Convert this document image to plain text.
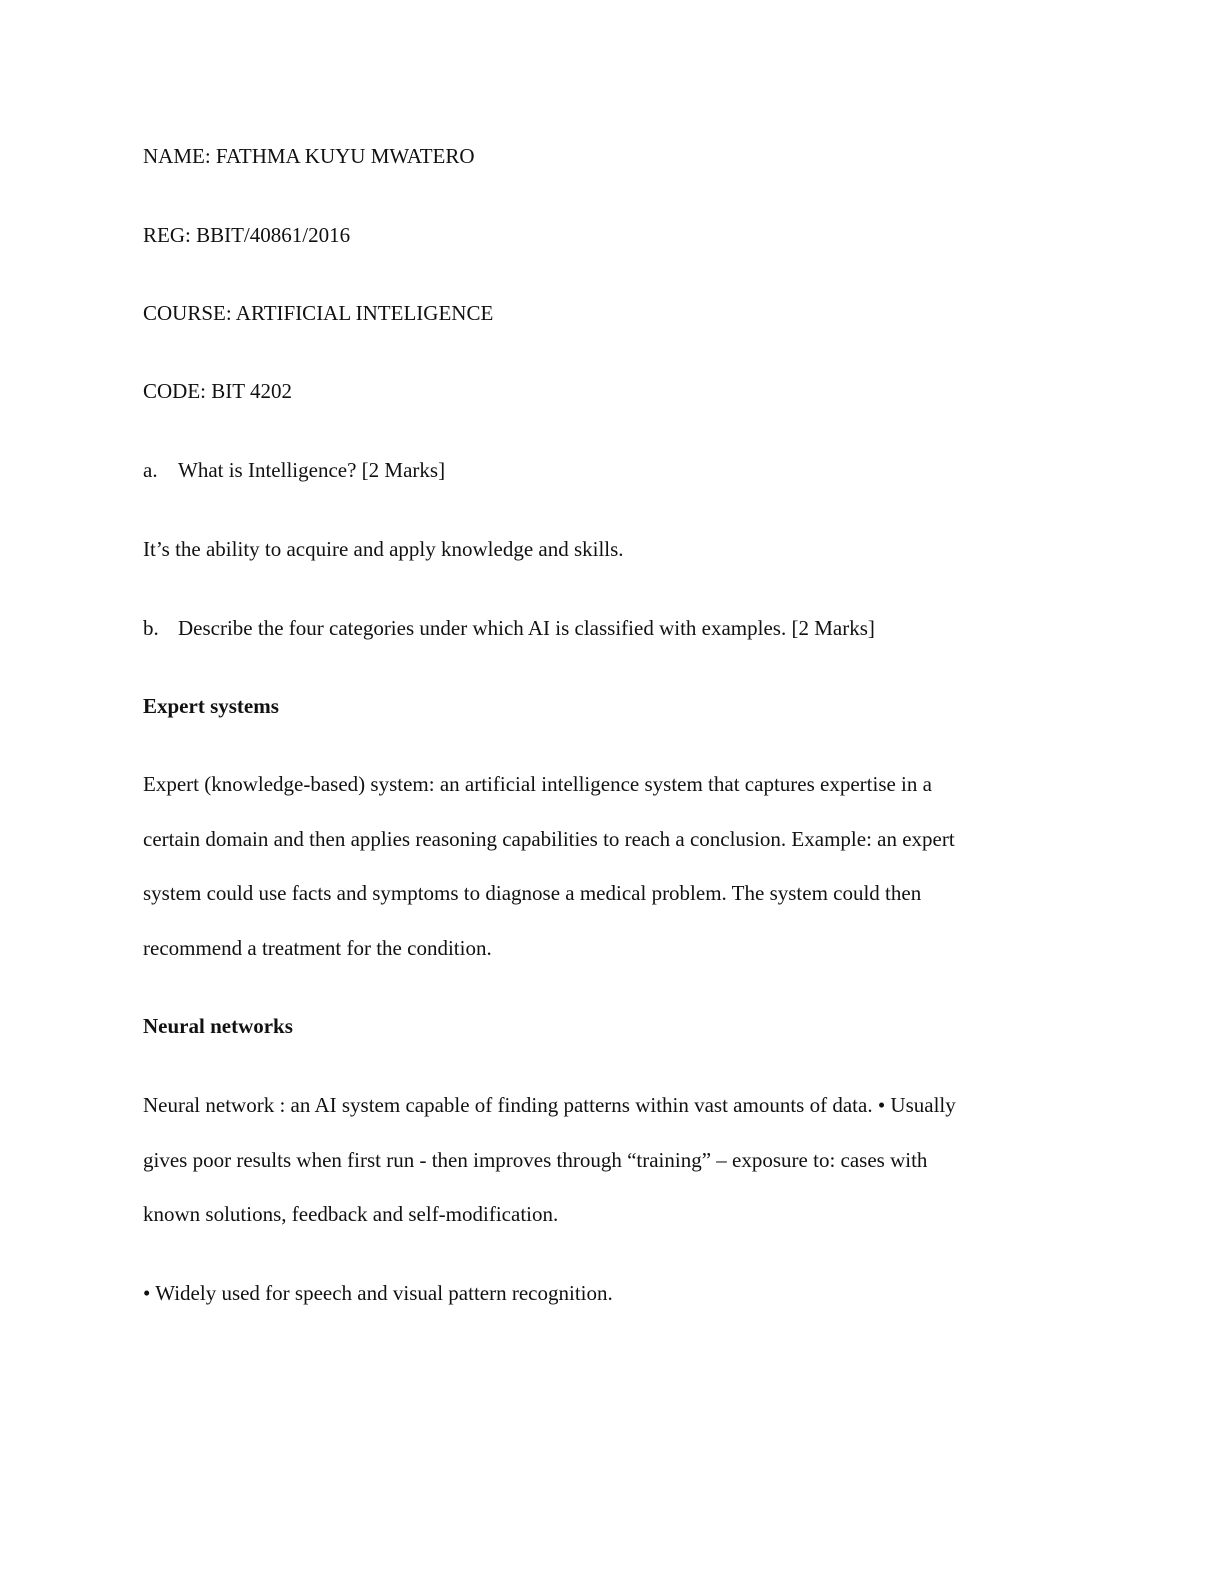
NAME: FATHMA KUYU MWATERO
REG: BBIT/40861/2016
COURSE: ARTIFICIAL INTELIGENCE
CODE: BIT 4202
a. What is Intelligence? [2 Marks]
It’s the ability to acquire and apply knowledge and skills.
b. Describe the four categories under which AI is classified with examples. [2 Marks]
Expert systems
Expert (knowledge-based) system: an artificial intelligence system that captures expertise in a
certain domain and then applies reasoning capabilities to reach a conclusion. Example: an expert
system could use facts and symptoms to diagnose a medical problem. The system could then
recommend a treatment for the condition.
Neural networks
Neural network : an AI system capable of finding patterns within vast amounts of data. • Usually
gives poor results when first run - then improves through “training” – exposure to: cases with
known solutions, feedback and self-modification.
• Widely used for speech and visual pattern recognition.
